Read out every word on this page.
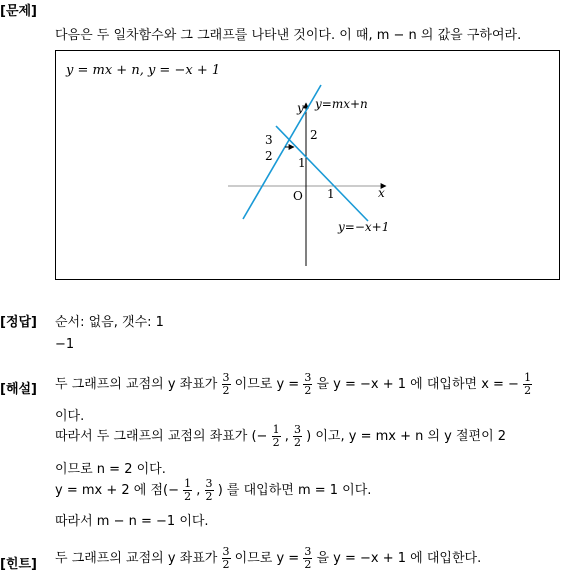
[문제]
다음은 두 일차함수와 그 그래프를 나타낸 것이다. 이 때, m − n 의 값을 구하여라.
y = mx + n, y = −x + 1
y y=mx+n
x
O 1
1
2
3
2
y=−x+1
[정답] 순서: 없음, 갯수: 1
−1
[해설] 두 그래프의 교점의 y 좌표가 $\frac{3}{2}$ 이므로 $y = \frac{3}{2}$ 을 y = −x + 1 에 대입하면 x = − $\frac{1}{2}$
이다.
따라서 두 그래프의 교점의 좌표가 (− $\frac{1}{2}$ , $\frac{3}{2}$ ) 이고, y = mx + n 의 y 절편이 2
이므로 n = 2 이다.
y = mx + 2 에 점(− $\frac{1}{2}$ , $\frac{3}{2}$ ) 를 대입하면 m = 1 이다.
따라서 m − n = −1 이다.
[힌트] 두 그래프의 교점의 y 좌표가 $\frac{3}{2}$ 이므로 $y = \frac{3}{2}$ 을 y = −x + 1 에 대입한다.
